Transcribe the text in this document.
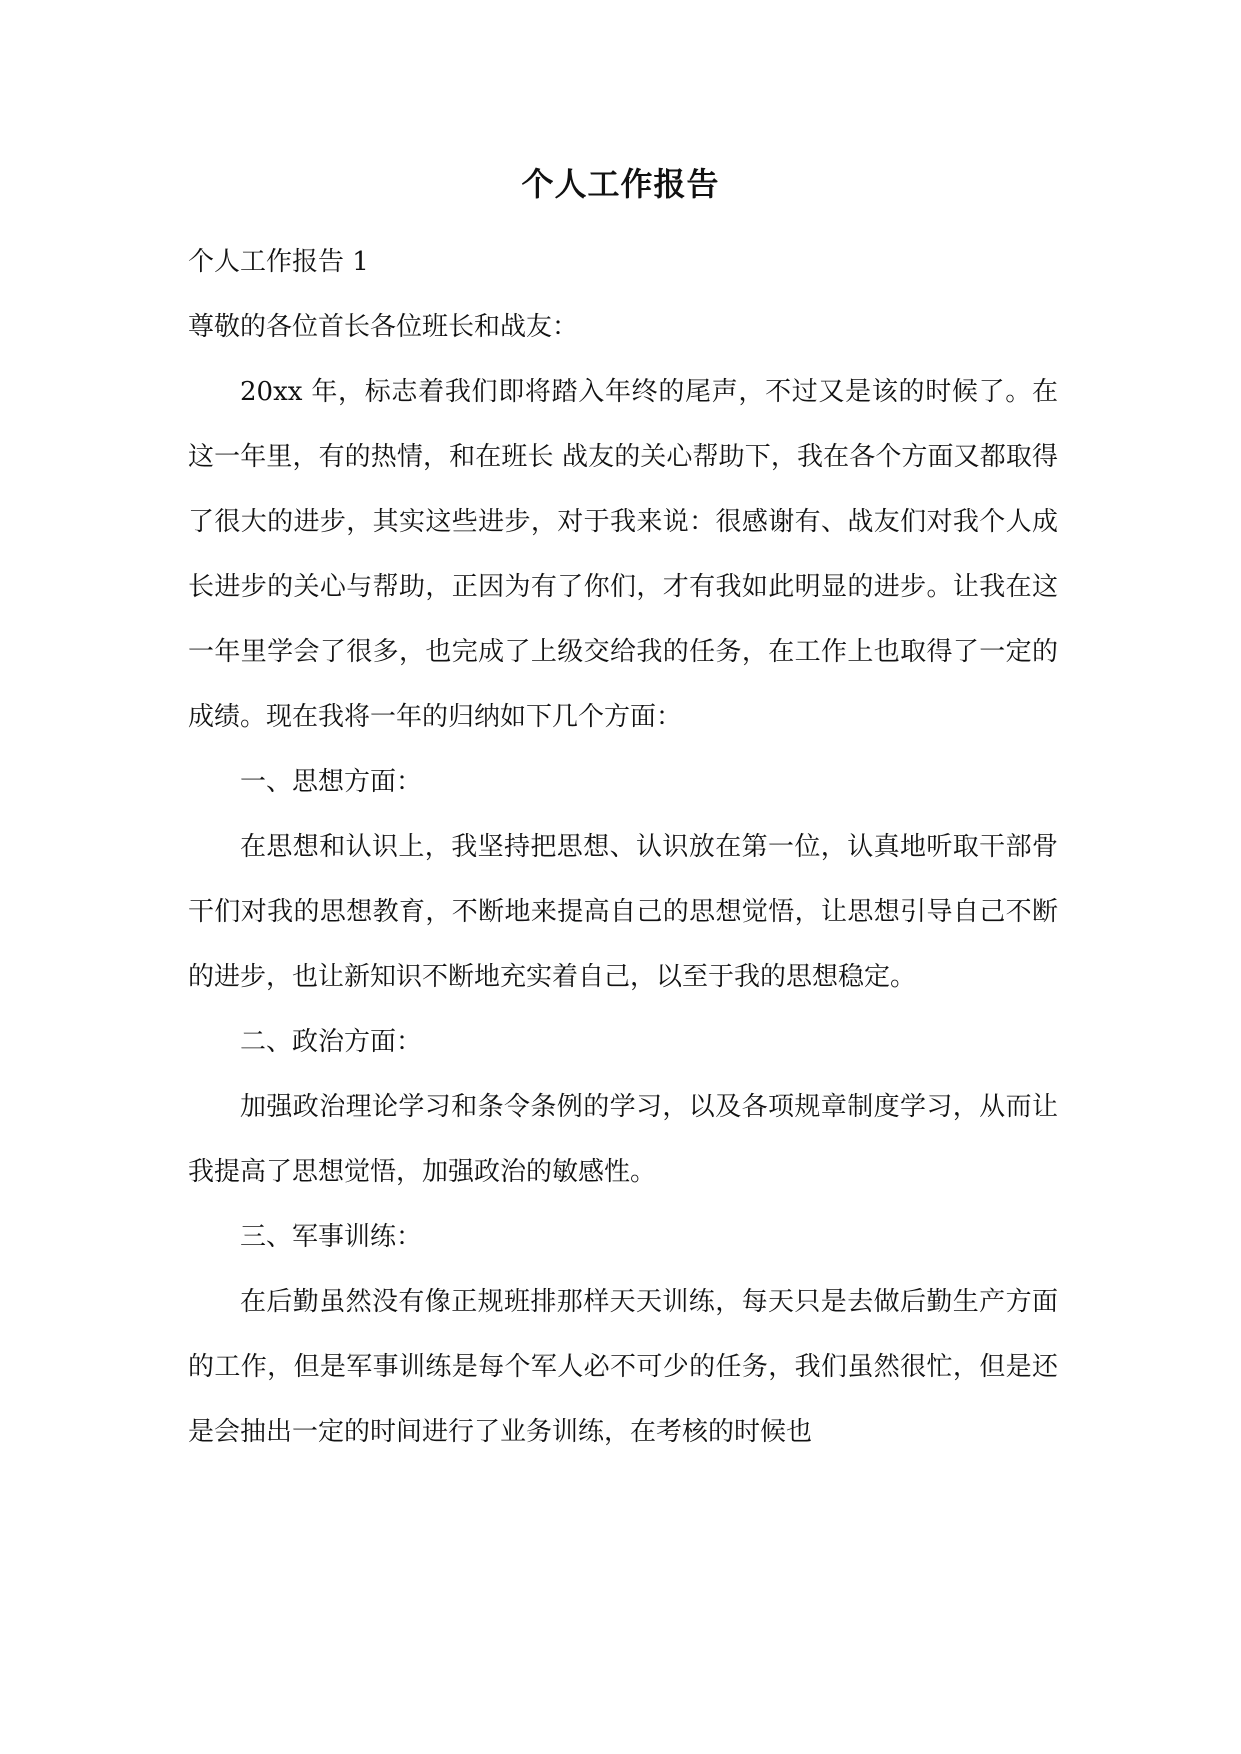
个人工作报告

个人工作报告 1

尊敬的各位首长各位班长和战友：

20xx 年，标志着我们即将踏入年终的尾声，不过又是该的时候了。在这一年里，有的热情，和在班长 战友的关心帮助下，我在各个方面又都取得了很大的进步，其实这些进步，对于我来说：很感谢有、战友们对我个人成长进步的关心与帮助，正因为有了你们，才有我如此明显的进步。让我在这一年里学会了很多，也完成了上级交给我的任务，在工作上也取得了一定的成绩。现在我将一年的归纳如下几个方面：

一、思想方面：

在思想和认识上，我坚持把思想、认识放在第一位，认真地听取干部骨干们对我的思想教育，不断地来提高自己的思想觉悟，让思想引导自己不断的进步，也让新知识不断地充实着自己，以至于我的思想稳定。

二、政治方面：

加强政治理论学习和条令条例的学习，以及各项规章制度学习，从而让我提高了思想觉悟，加强政治的敏感性。

三、军事训练：

在后勤虽然没有像正规班排那样天天训练，每天只是去做后勤生产方面的工作，但是军事训练是每个军人必不可少的任务，我们虽然很忙，但是还是会抽出一定的时间进行了业务训练，在考核的时候也
